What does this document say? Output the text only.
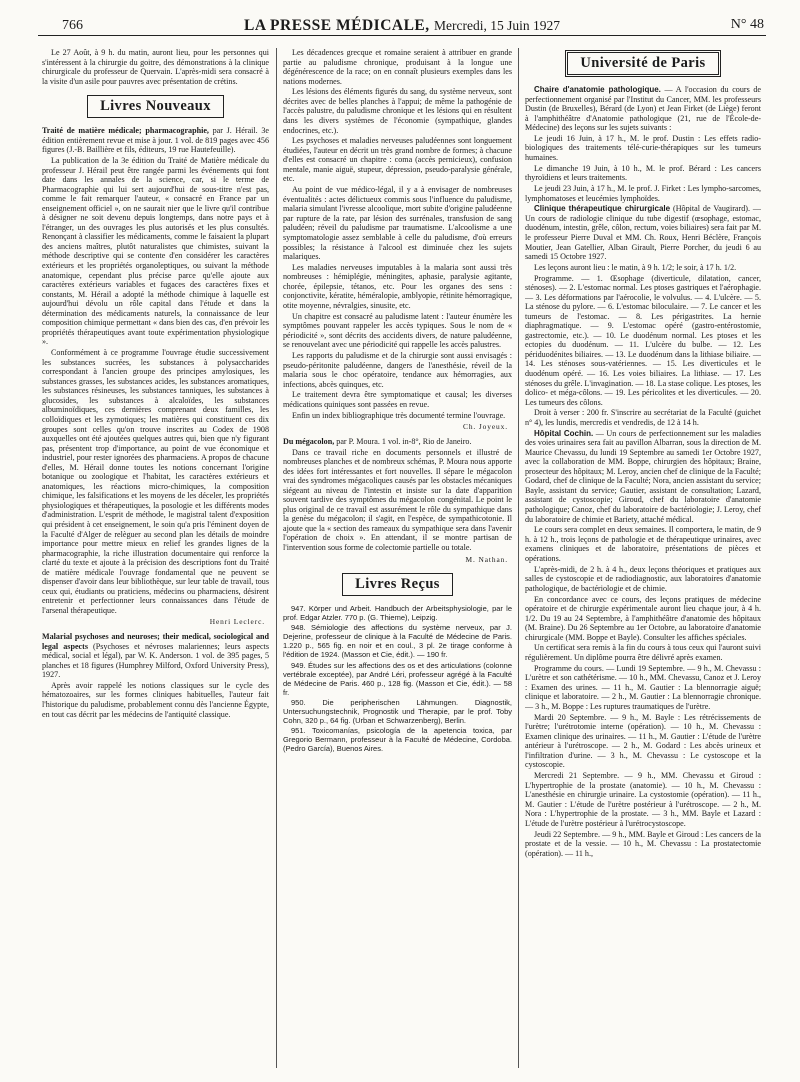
766	LA PRESSE MÉDICALE, Mercredi, 15 Juin 1927	N° 48

Le 27 Août, à 9 h. du matin, auront lieu, pour les personnes qui s'intéressent à la chirurgie du goitre, des démonstrations à la clinique chirurgicale du professeur de Quervain. L'après-midi sera consacré à la visite d'un asile pour pauvres avec présentation de crétins.

Livres Nouveaux

Traité de matière médicale; pharmacographie, par J. Hérail. 3e édition entièrement revue et mise à jour. 1 vol. de 819 pages avec 456 figures (J.-B. Baillière et fils, éditeurs, 19 rue Hautefeuille).

La publication de la 3e édition du Traité de Matière médicale du professeur J. Hérail peut être rangée parmi les événements qui font date dans les annales de la science, car, si le terme de Pharmacographie qui lui sert aujourd'hui de sous-titre n'est pas, comme le fait remarquer l'auteur, « consacré en France par un enseignement officiel », on ne saurait nier que le livre qu'il contribue à désigner ne soit devenu depuis longtemps, dans notre pays et à l'étranger, un des ouvrages les plus autorisés et les plus consultés. Renonçant à classifier les médicaments, comme le faisaient la plupart des anciens maîtres, plutôt naturalistes que chimistes, suivant la méthode descriptive qui se contente d'en considérer les caractères extérieurs et les propriétés organoleptiques, ou suivant la méthode anatomique, cependant plus précise parce qu'elle ajoute aux caractères extérieurs variables et fugaces des caractères fixes et constants, M. Hérail a adopté la méthode chimique à laquelle est aujourd'hui dévolu un rôle capital dans l'étude et dans la détermination des médicaments naturels, la connaissance de leur composition chimique permettant « dans bien des cas, d'en prévoir les propriétés thérapeutiques avant toute expérimentation physiologique ».

Conformément à ce programme l'ouvrage étudie successivement les substances sucrées, les substances à polysaccharides correspondant à l'ancien groupe des principes amylosiques, les substances grasses, les substances acides, les substances aromatiques, les substances résineuses, les substances tanniques, les substances à glucosides, les substances à alcaloïdes, les substances albuminoïdiques, ces dernières comprenant deux familles, les colloïdiques et les zymotiques; les matières qui constituent ces dix groupes sont celles qu'on trouve inscrites au Codex de 1908 auxquelles ont été ajoutées quelques autres qui, bien que n'y figurant pas, présentent trop d'importance, au point de vue économique et industriel, pour rester ignorées des pharmaciens. A propos de chacune d'elles, M. Hérail donne toutes les notions concernant l'origine botanique ou zoologique et l'habitat, les caractères extérieurs et anatomiques, les réactions micro-chimiques, la composition chimique, les falsifications et les moyens de les déceler, les propriétés physiologiques et thérapeutiques, la posologie et les différents modes d'administration. L'esprit de méthode, le magistral talent d'exposition qui président à cet enseignement, le soin qu'a pris l'éminent doyen de la Faculté d'Alger de relèguer au second plan les détails de moindre importance pour mettre mieux en relief les grandes lignes de la pharmacographie, la riche illustration documentaire qui renforce la clarté du texte et ajoute à la précision des descriptions font du Traité de matière médicale l'ouvrage fondamental que ne peuvent se dispenser d'avoir dans leur bibliothèque, sur leur table de travail, tous ceux qui, étudiants ou praticiens, médecins ou pharmaciens, désirent entretenir et perfectionner leurs connaissances dans l'étude de l'arsenal thérapeutique.

Henri Leclerc.

Malarial psychoses and neuroses; their medical, sociological and legal aspects (Psychoses et névroses malariennes; leurs aspects médical, social et légal), par W. K. Anderson. 1 vol. de 395 pages, 5 planches et 18 figures (Humphrey Milford, Oxford University Press), 1927.

Après avoir rappelé les notions classiques sur le cycle des hématozoaires, sur les formes cliniques habituelles, l'auteur fait l'historique du paludisme, probablement connu dès l'ancienne Égypte, en tout cas décrit par les médecins de l'antiquité classique.

Les décadences grecque et romaine seraient à attribuer en grande partie au paludisme chronique, produisant à la longue une dégénérescence de la race; on en connaît plusieurs exemples dans les nations modernes.

Les lésions des éléments figurés du sang, du système nerveux, sont décrites avec de belles planches à l'appui; de même la pathogénie de l'accès palustre, du paludisme chronique et les lésions qui en résultent dans les divers systèmes de l'économie (sympathique, glandes endocrines, etc.).

Les psychoses et maladies nerveuses paludéennes sont longuement étudiées, l'auteur en décrit un très grand nombre de formes; à chacune d'elles est consacré un chapitre : coma (accès pernicieux), confusion mentale, manie aiguë, stupeur, dépression, pseudo-paralysie générale, etc.

Au point de vue médico-légal, il y a à envisager de nombreuses éventualités : actes délictueux commis sous l'influence du paludisme, malaria simulant l'ivresse alcoolique, mort subite d'origine paludéenne par rupture de la rate, par lésion des surrénales, transfusion de sang paludéen; réveil du paludisme par traumatisme. L'alcoolisme a une symptomatologie assez semblable à celle du paludisme, d'où erreurs possibles; la résistance à l'alcool est diminuée chez les sujets malariques.

Les maladies nerveuses imputables à la malaria sont aussi très nombreuses : hémiplégie, méningites, aphasie, paralysie agitante, chorée, épilepsie, tétanos, etc. Pour les organes des sens : conjonctivite, kératite, héméralopie, amblyopie, rétinite hémorragique, otite moyenne, névralgies, sinusite, etc.

Un chapitre est consacré au paludisme latent : l'auteur énumère les symptômes pouvant rappeler les accès typiques. Sous le nom de « périodicité », sont décrits des accidents divers, de nature paludéenne, se renouvelant avec une périodicité qui rappelle les accès palustres.

Les rapports du paludisme et de la chirurgie sont aussi envisagés : pseudo-péritonite paludéenne, dangers de l'anesthésie, réveil de la malaria sous le choc opératoire, tendance aux hémorragies, aux infections, abcès quinques, etc.

Le traitement devra être symptomatique et causal; les diverses médications quiniques sont passées en revue.

Enfin un index bibliographique très documenté termine l'ouvrage.

Ch. Joyeux.

Du mégacolon, par P. Moura. 1 vol. in-8°, Rio de Janeiro.

Dans ce travail riche en documents personnels et illustré de nombreuses planches et de nombreux schémas, P. Moura nous apporte des idées fort intéressantes et fort nouvelles. Il sépare le mégacolon vrai des syndromes mégacoliques causés par les obstacles mécaniques siégeant au niveau de l'intestin et insiste sur la date d'apparition souvent tardive des symptômes du mégacolon congénital. Le point le plus original de ce travail est assurément le rôle du sympathique dans la genèse du mégacolon; il s'agit, en l'espèce, de sympathicotonie. Il ajoute que la « section des rameaux du sympathique sera dans l'avenir l'opération de choix ». En attendant, il se montre partisan de l'intervention sous forme de colectomie partielle ou totale.

M. Nathan.
Livres Reçus

947. Körper und Arbeit. Handbuch der Arbeitsphysiologie, par le prof. Edgar Atzler. 770 p. (G. Thieme), Leipzig.

948. Sémiologie des affections du système nerveux, par J. Dejerine, professeur de clinique à la Faculté de Médecine de Paris. 1.220 p., 565 fig. en noir et en coul., 3 pl. 2e tirage conforme à l'édition de 1924. (Masson et Cie, édit.). — 190 fr.

949. Études sur les affections des os et des articulations (colonne vertébrale exceptée), par André Léri, professeur agrégé à la Faculté de Médecine de Paris. 460 p., 128 fig. (Masson et Cie, édit.). — 58 fr.

950. Die peripherischen Lähmungen. Diagnostik, Untersuchungstechnik, Prognostik und Therapie, par le prof. Toby Cohn, 320 p., 64 fig. (Urban et Schwarzenberg), Berlin.

951. Toxicomanías, psicología de la apetencia toxica, par Gregorio Bermann, professeur à la Faculté de Médecine, Cordoba. (Pedro García), Buenos Aires.

Université de Paris

Chaire d'anatomie pathologique. — A l'occasion du cours de perfectionnement organisé par l'Institut du Cancer, MM. les professeurs Dustin (de Bruxelles), Bérard (de Lyon) et Jean Firket (de Liège) feront à l'amphithéâtre d'Anatomie pathologique (21, rue de l'École-de-Médecine) des leçons sur les sujets suivants :

Le jeudi 16 Juin, à 17 h., M. le prof. Dustin : Les effets radio-biologiques des traitements télé-curie-thérapiques sur les tumeurs humaines.

Le dimanche 19 Juin, à 10 h., M. le prof. Bérard : Les cancers thyroïdiens et leurs traitements.

Le jeudi 23 Juin, à 17 h., M. le prof. J. Firket : Les lympho-sarcomes, lymphomatoses et leucémies lymphoïdes.

Clinique thérapeutique chirurgicale (Hôpital de Vaugirard). — Un cours de radiologie clinique du tube digestif (œsophage, estomac, duodénum, intestin, grêle, côlon, rectum, voies biliaires) sera fait par M. le professeur Pierre Duval et MM. Ch. Roux, Henri Béclère, François Moutier, Jean Gatellier, Alban Girault, Pierre Porcher, du jeudi 6 au samedi 15 Octobre 1927.

Les leçons auront lieu : le matin, à 9 h. 1/2; le soir, à 17 h. 1/2.

Programme. — 1. Œsophage (diverticule, dilatation, cancer, sténoses). — 2. L'estomac normal. Les ptoses gastriques et l'aérophagie. — 3. Les déformations par l'aérocolie, le volvulus. — 4. L'ulcère. — 5. La sténose du pylore. — 6. L'estomac biloculaire. — 7. Le cancer et les tumeurs de l'estomac. — 8. Les périgastrites. La hernie diaphragmatique. — 9. L'estomac opéré (gastro-entérostomie, gastrectomie, etc.). — 10. Le duodénum normal. Les ptoses et les ectopies du duodénum. — 11. L'ulcère du bulbe. — 12. Les périduodénites biliaires. — 13. Le duodénum dans la lithiase biliaire. — 14. Les sténoses sous-vatériennes. — 15. Les diverticules et le duodénum opéré. — 16. Les voies biliaires. La lithiase. — 17. Les sténoses du grêle. L'invagination. — 18. La stase colique. Les ptoses, les dolico- et méga-côlons. — 19. Les péricolites et les diverticules. — 20. Les tumeurs des côlons.

Droit à verser : 200 fr. S'inscrire au secrétariat de la Faculté (guichet n° 4), les lundis, mercredis et vendredis, de 12 à 14 h.

Hôpital Cochin. — Un cours de perfectionnement sur les maladies des voies urinaires sera fait au pavillon Albarran, sous la direction de M. Maurice Chevassu, du lundi 19 Septembre au samedi 1er Octobre 1927, avec la collaboration de MM. Boppe, chirurgien des hôpitaux; Braine, prosecteur des hôpitaux; M. Leroy, ancien chef de clinique de la Faculté; Godard, chef de clinique de la Faculté; Nora, ancien assistant du service; Bayle, assistant du service; Gautier, assistant de consultation; Lazard, assistant de cystoscopie; Giroud, chef du laboratoire d'anatomie pathologique; Canoz, chef du laboratoire de bactériologie; J. Leroy, chef du laboratoire de chimie et Bariety, attaché médical.

Le cours sera complet en deux semaines. Il comportera, le matin, de 9 h. à 12 h., trois leçons de pathologie et de thérapeutique urinaires, avec examens cliniques et de laboratoire, présentations de pièces et opérations.

L'après-midi, de 2 h. à 4 h., deux leçons théoriques et pratiques aux salles de cystoscopie et de radiodiagnostic, aux laboratoires d'anatomie pathologique, de bactériologie et de chimie.

En concordance avec ce cours, des leçons pratiques de médecine opératoire et de chirurgie expérimentale auront lieu chaque jour, à 4 h. 1/2. Du 19 au 24 Septembre, à l'amphithéâtre d'anatomie des hôpitaux (M. Braine). Du 26 Septembre au 1er Octobre, au laboratoire d'anatomie chirurgicale (MM. Boppe et Bayle). Consulter les affiches spéciales.

Un certificat sera remis à la fin du cours à tous ceux qui l'auront suivi régulièrement. Un diplôme pourra être délivré après examen.

Programme du cours. — Lundi 19 Septembre. — 9 h., M. Chevassu : L'urètre et son cathétérisme. — 10 h., MM. Chevassu, Canoz et J. Leroy : Examen des urines. — 11 h., M. Gautier : La blennorragie aiguë; clinique et laboratoire. — 2 h., M. Gautier : La blennorragie chronique. — 3 h., M. Boppe : Les ruptures traumatiques de l'urètre.

Mardi 20 Septembre. — 9 h., M. Bayle : Les rétrécissements de l'urètre; l'urétrotomie interne (opération). — 10 h., M. Chevassu : Examen clinique des urinaires. — 11 h., M. Gautier : L'étude de l'urètre antérieur à l'urétroscope. — 2 h., M. Godard : Les abcès urineux et l'infiltration d'urine. — 3 h., M. Chevassu : Le cystoscope et la cystoscopie.

Mercredi 21 Septembre. — 9 h., MM. Chevassu et Giroud : L'hypertrophie de la prostate (anatomie). — 10 h., M. Chevassu : L'anesthésie en chirurgie urinaire. La cystostomie (opération). — 11 h., M. Gautier : L'étude de l'urètre postérieur à l'urétroscope. — 2 h., M. Nora : L'hypertrophie de la prostate. — 3 h., MM. Bayle et Lazard : L'étude de l'urètre postérieur à l'urétrocystoscope.

Jeudi 22 Septembre. — 9 h., MM. Bayle et Giroud : Les cancers de la prostate et de la vessie. — 10 h., M. Chevassu : La prostatectomie (opération). — 11 h.,
